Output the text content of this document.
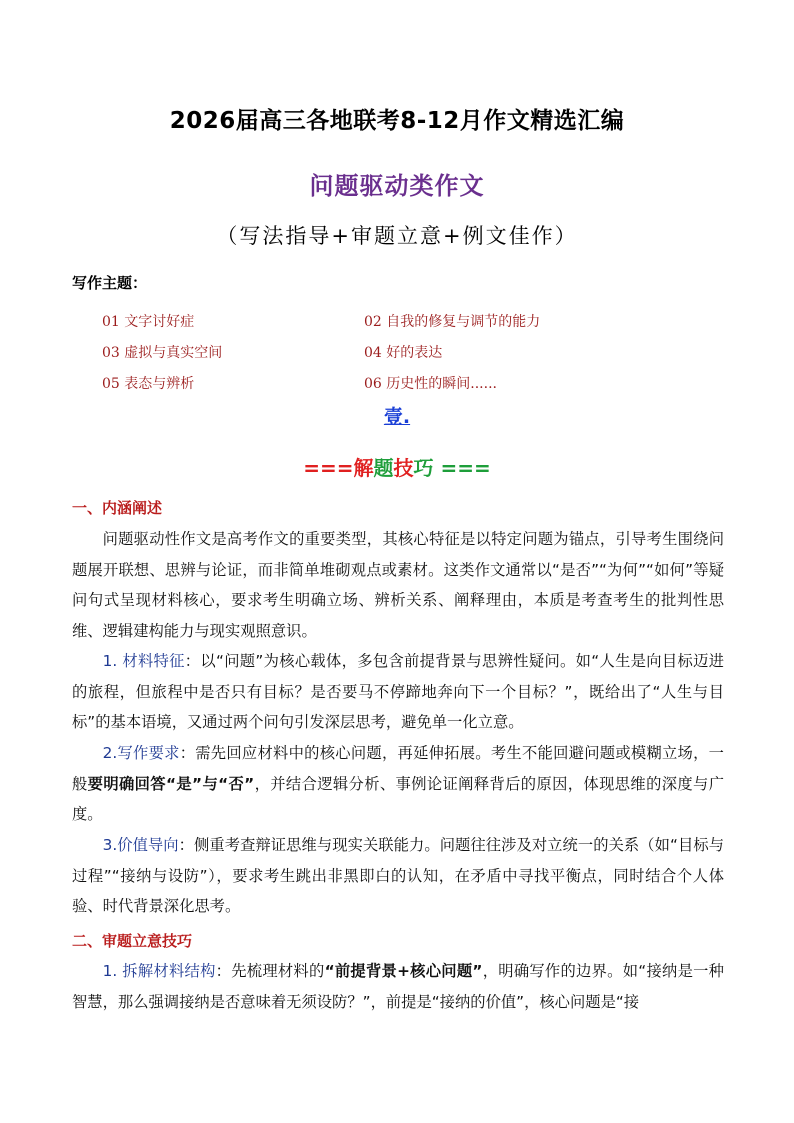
2026届高三各地联考8-12月作文精选汇编
问题驱动类作文
（写法指导+审题立意+例文佳作）
写作主题：
01 文字讨好症	02 自我的修复与调节的能力
03 虚拟与真实空间	04 好的表达
05 表态与辨析	06 历史性的瞬间......
壹.
===解题技巧 ===
一、内涵阐述
问题驱动性作文是高考作文的重要类型，其核心特征是以特定问题为锚点，引导考生围绕问题展开联想、思辨与论证，而非简单堆砌观点或素材。这类作文通常以“是否”“为何”“如何”等疑问句式呈现材料核心，要求考生明确立场、辨析关系、阐释理由，本质是考查考生的批判性思维、逻辑建构能力与现实观照意识。
1. 材料特征：以“问题”为核心载体，多包含前提背景与思辨性疑问。如“人生是向目标迈进的旅程，但旅程中是否只有目标？是否要马不停蹄地奔向下一个目标？”，既给出了“人生与目标”的基本语境，又通过两个问句引发深层思考，避免单一化立意。
2.写作要求：需先回应材料中的核心问题，再延伸拓展。考生不能回避问题或模糊立场，一般要明确回答“是”与“否”，并结合逻辑分析、事例论证阐释背后的原因，体现思维的深度与广度。
3.价值导向：侧重考查辩证思维与现实关联能力。问题往往涉及对立统一的关系（如“目标与过程”“接纳与设防”），要求考生跳出非黑即白的认知，在矛盾中寻找平衡点，同时结合个人体验、时代背景深化思考。
二、审题立意技巧
1. 拆解材料结构：先梳理材料的“前提背景+核心问题”，明确写作的边界。如“接纳是一种智慧，那么强调接纳是否意味着无须设防？”，前提是“接纳的价值”，核心问题是“接
